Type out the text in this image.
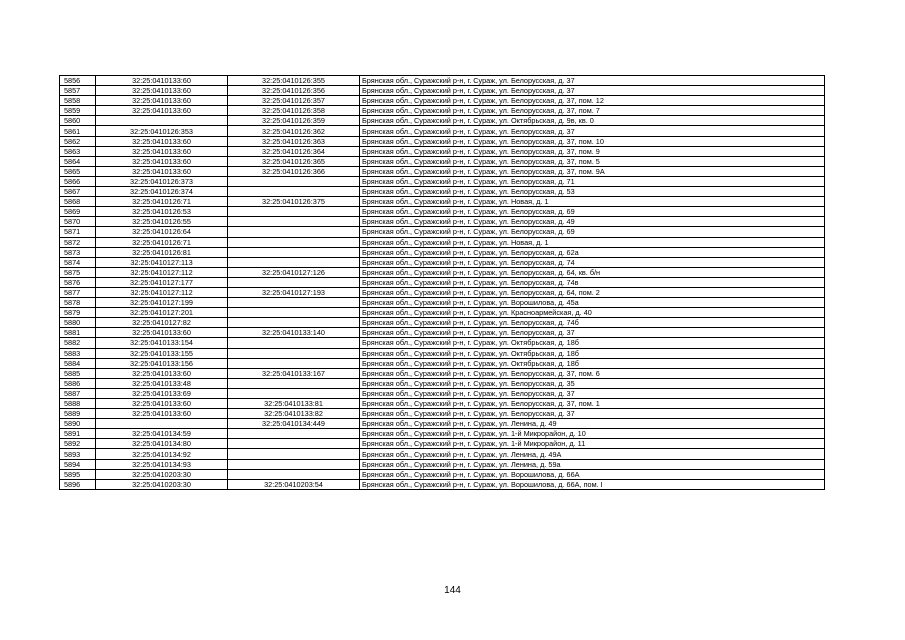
5856	32:25:0410133:60	32:25:0410126:355	Брянская обл., Суражский р-н, г. Сураж, ул. Белорусская, д. 37
5857	32:25:0410133:60	32:25:0410126:356	Брянская обл., Суражский р-н, г. Сураж, ул. Белорусская, д. 37
5858	32:25:0410133:60	32:25:0410126:357	Брянская обл., Суражский р-н, г. Сураж, ул. Белорусская, д. 37, пом. 12
5859	32:25:0410133:60	32:25:0410126:358	Брянская обл., Суражский р-н, г. Сураж, ул. Белорусская, д. 37, пом. 7
5860		32:25:0410126:359	Брянская обл., Суражский р-н, г. Сураж, ул. Октябрьская, д. 9в, кв. 0
5861	32:25:0410126:353	32:25:0410126:362	Брянская обл., Суражский р-н, г. Сураж, ул. Белорусская, д. 37
5862	32:25:0410133:60	32:25:0410126:363	Брянская обл., Суражский р-н, г. Сураж, ул. Белорусская, д. 37, пом. 10
5863	32:25:0410133:60	32:25:0410126:364	Брянская обл., Суражский р-н, г. Сураж, ул. Белорусская, д. 37, пом. 9
5864	32:25:0410133:60	32:25:0410126:365	Брянская обл., Суражский р-н, г. Сураж, ул. Белорусская, д. 37, пом. 5
5865	32:25:0410133:60	32:25:0410126:366	Брянская обл., Суражский р-н, г. Сураж, ул. Белорусская, д. 37, пом. 9А
5866	32:25:0410126:373		Брянская обл., Суражский р-н, г. Сураж, ул. Белорусская, д. 71
5867	32:25:0410126:374		Брянская обл., Суражский р-н, г. Сураж, ул. Белорусская, д. 53
5868	32:25:0410126:71	32:25:0410126:375	Брянская обл., Суражский р-н, г. Сураж, ул. Новая, д. 1
5869	32:25:0410126:53		Брянская обл., Суражский р-н, г. Сураж, ул. Белорусская, д. 69
5870	32:25:0410126:55		Брянская обл., Суражский р-н, г. Сураж, ул. Белорусская, д. 49
5871	32:25:0410126:64		Брянская обл., Суражский р-н, г. Сураж, ул. Белорусская, д. 69
5872	32:25:0410126:71		Брянская обл., Суражский р-н, г. Сураж, ул. Новая, д. 1
5873	32:25:0410126:81		Брянская обл., Суражский р-н, г. Сураж, ул. Белорусская, д. 62а
5874	32:25:0410127:113		Брянская обл., Суражский р-н, г. Сураж, ул. Белорусская, д. 74
5875	32:25:0410127:112	32:25:0410127:126	Брянская обл., Суражский р-н, г. Сураж, ул. Белорусская, д. 64, кв. б/н
5876	32:25:0410127:177		Брянская обл., Суражский р-н, г. Сураж, ул. Белорусская, д. 74в
5877	32:25:0410127:112	32:25:0410127:193	Брянская обл., Суражский р-н, г. Сураж, ул. Белорусская, д. 64, пом. 2
5878	32:25:0410127:199		Брянская обл., Суражский р-н, г. Сураж, ул. Ворошилова, д. 45а
5879	32:25:0410127:201		Брянская обл., Суражский р-н, г. Сураж, ул. Красноармейская, д. 40
5880	32:25:0410127:82		Брянская обл., Суражский р-н, г. Сураж, ул. Белорусская, д. 74б
5881	32:25:0410133:60	32:25:0410133:140	Брянская обл., Суражский р-н, г. Сураж, ул. Белорусская, д. 37
5882	32:25:0410133:154		Брянская обл., Суражский р-н, г. Сураж, ул. Октябрьская, д. 18б
5883	32:25:0410133:155		Брянская обл., Суражский р-н, г. Сураж, ул. Октябрьская, д. 18б
5884	32:25:0410133:156		Брянская обл., Суражский р-н, г. Сураж, ул. Октябрьская, д. 18б
5885	32:25:0410133:60	32:25:0410133:167	Брянская обл., Суражский р-н, г. Сураж, ул. Белорусская, д. 37, пом. 6
5886	32:25:0410133:48		Брянская обл., Суражский р-н, г. Сураж, ул. Белорусская, д. 35
5887	32:25:0410133:69		Брянская обл., Суражский р-н, г. Сураж, ул. Белорусская, д. 37
5888	32:25:0410133:60	32:25:0410133:81	Брянская обл., Суражский р-н, г. Сураж, ул. Белорусская, д. 37, пом. 1
5889	32:25:0410133:60	32:25:0410133:82	Брянская обл., Суражский р-н, г. Сураж, ул. Белорусская, д. 37
5890		32:25:0410134:449	Брянская обл., Суражский р-н, г. Сураж, ул. Ленина, д. 49
5891	32:25:0410134:59		Брянская обл., Суражский р-н, г. Сураж, ул. 1-й Микрорайон, д. 10
5892	32:25:0410134:80		Брянская обл., Суражский р-н, г. Сураж, ул. 1-й Микрорайон, д. 11
5893	32:25:0410134:92		Брянская обл., Суражский р-н, г. Сураж, ул. Ленина, д. 49А
5894	32:25:0410134:93		Брянская обл., Суражский р-н, г. Сураж, ул. Ленина, д. 59а
5895	32:25:0410203:30		Брянская обл., Суражский р-н, г. Сураж, ул. Ворошилова, д. 66А
5896	32:25:0410203:30	32:25:0410203:54	Брянская обл., Суражский р-н, г. Сураж, ул. Ворошилова, д. 66А, пом. I
144
